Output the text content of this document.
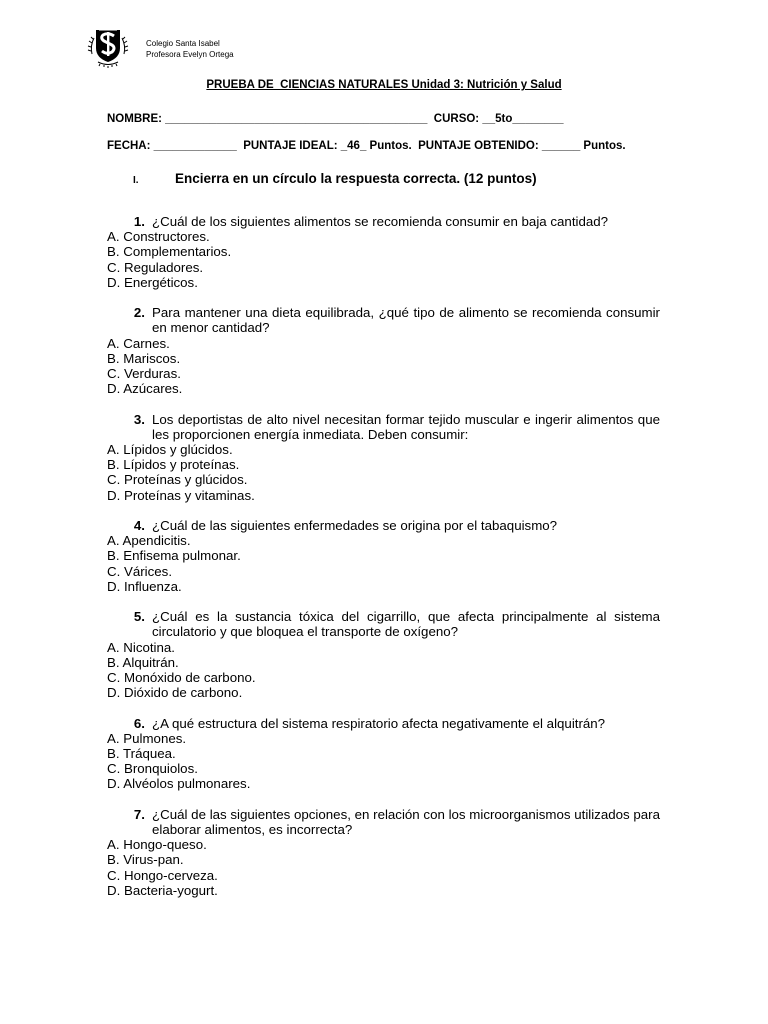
Colegio Santa Isabel
Profesora Evelyn Ortega
PRUEBA DE  CIENCIAS NATURALES Unidad 3: Nutrición y Salud
NOMBRE: _________________________________________ CURSO: __5to________
FECHA: _____________ PUNTAJE IDEAL: _46_ Puntos. PUNTAJE OBTENIDO: ______ Puntos.
I.	Encierra en un círculo la respuesta correcta. (12 puntos)
1. ¿Cuál de los siguientes alimentos se recomienda consumir en baja cantidad?
A. Constructores.
B. Complementarios.
C. Reguladores.
D. Energéticos.
2. Para mantener una dieta equilibrada, ¿qué tipo de alimento se recomienda consumir en menor cantidad?
A. Carnes.
B. Mariscos.
C. Verduras.
D. Azúcares.
3. Los deportistas de alto nivel necesitan formar tejido muscular e ingerir alimentos que les proporcionen energía inmediata. Deben consumir:
A. Lípidos y glúcidos.
B. Lípidos y proteínas.
C. Proteínas y glúcidos.
D. Proteínas y vitaminas.
4. ¿Cuál de las siguientes enfermedades se origina por el tabaquismo?
A. Apendicitis.
B. Enfisema pulmonar.
C. Várices.
D. Influenza.
5. ¿Cuál es la sustancia tóxica del cigarrillo, que afecta principalmente al sistema circulatorio y que bloquea el transporte de oxígeno?
A. Nicotina.
B. Alquitrán.
C. Monóxido de carbono.
D. Dióxido de carbono.
6. ¿A qué estructura del sistema respiratorio afecta negativamente el alquitrán?
A. Pulmones.
B. Tráquea.
C. Bronquiolos.
D. Alvéolos pulmonares.
7. ¿Cuál de las siguientes opciones, en relación con los microorganismos utilizados para elaborar alimentos, es incorrecta?
A. Hongo-queso.
B. Virus-pan.
C. Hongo-cerveza.
D. Bacteria-yogurt.
